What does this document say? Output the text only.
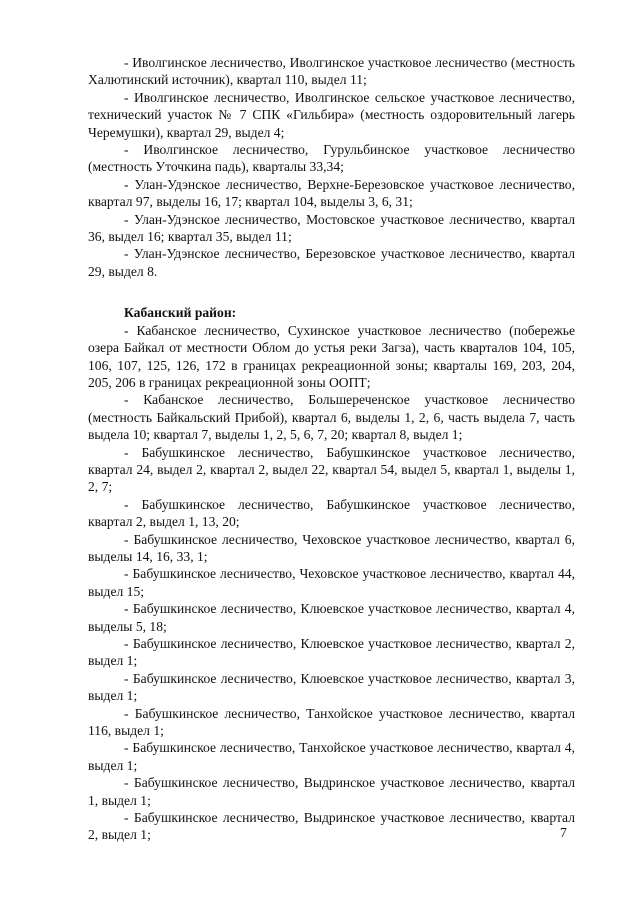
- Иволгинское лесничество, Иволгинское участковое лесничество (местность Халютинский источник), квартал 110, выдел 11;

- Иволгинское лесничество, Иволгинское сельское участковое лесничество, технический участок № 7 СПК «Гильбира» (местность оздоровительный лагерь Черемушки), квартал 29, выдел 4;

- Иволгинское лесничество, Гурульбинское участковое лесничество (местность Уточкина падь), кварталы 33,34;

- Улан-Удэнское лесничество, Верхне-Березовское участковое лесничество, квартал 97, выделы 16, 17; квартал 104, выделы 3, 6, 31;

- Улан-Удэнское лесничество, Мостовское участковое лесничество, квартал 36, выдел 16; квартал 35, выдел 11;

- Улан-Удэнское лесничество, Березовское участковое лесничество, квартал 29, выдел 8.

Кабанский район:

- Кабанское лесничество, Сухинское участковое лесничество (побережье озера Байкал от местности Облом до устья реки Загза), часть кварталов 104, 105, 106, 107, 125, 126, 172 в границах рекреационной зоны; кварталы 169, 203, 204, 205, 206 в границах рекреационной зоны ООПТ;

- Кабанское лесничество, Большереченское участковое лесничество (местность Байкальский Прибой), квартал 6, выделы 1, 2, 6, часть выдела 7, часть выдела 10; квартал 7, выделы 1, 2, 5, 6, 7, 20; квартал 8, выдел 1;

- Бабушкинское лесничество, Бабушкинское участковое лесничество, квартал 24, выдел 2, квартал 2, выдел 22, квартал 54, выдел 5, квартал 1, выделы 1, 2, 7;

- Бабушкинское лесничество, Бабушкинское участковое лесничество, квартал 2, выдел 1, 13, 20;

- Бабушкинское лесничество, Чеховское участковое лесничество, квартал 6, выделы 14, 16, 33, 1;

- Бабушкинское лесничество, Чеховское участковое лесничество, квартал 44, выдел 15;

- Бабушкинское лесничество, Клюевское участковое лесничество, квартал 4, выделы 5, 18;

- Бабушкинское лесничество, Клюевское участковое лесничество, квартал 2, выдел 1;

- Бабушкинское лесничество, Клюевское участковое лесничество, квартал 3, выдел 1;

- Бабушкинское лесничество, Танхойское участковое лесничество, квартал 116, выдел 1;

- Бабушкинское лесничество, Танхойское участковое лесничество, квартал 4, выдел 1;

- Бабушкинское лесничество, Выдринское участковое лесничество, квартал 1, выдел 1;

- Бабушкинское лесничество, Выдринское участковое лесничество, квартал 2, выдел 1;	7
